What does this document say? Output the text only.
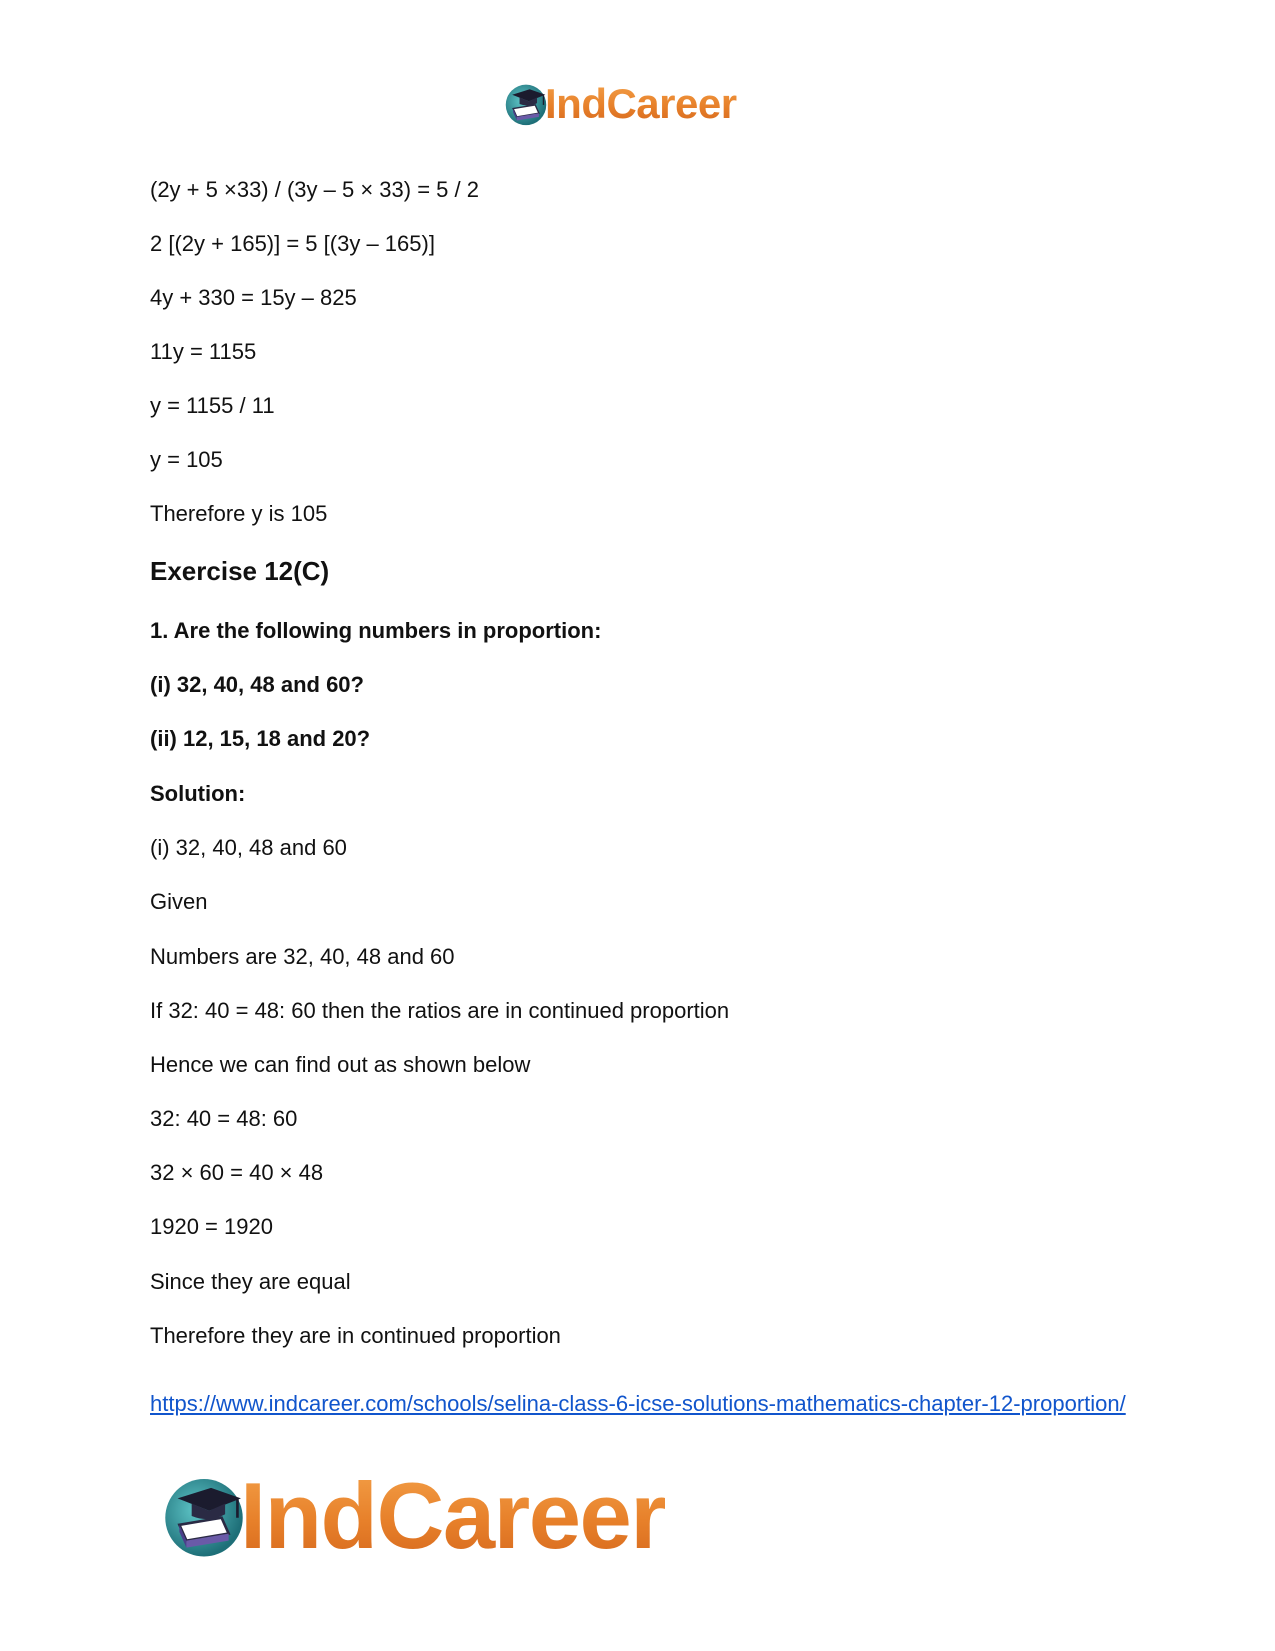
IndCareer
(2y + 5 ×33) / (3y – 5 × 33) = 5 / 2
2 [(2y + 165)] = 5 [(3y – 165)]
4y + 330 = 15y – 825
11y = 1155
y = 1155 / 11
y = 105
Therefore y is 105
Exercise 12(C)
1. Are the following numbers in proportion:
(i) 32, 40, 48 and 60?
(ii) 12, 15, 18 and 20?
Solution:
(i) 32, 40, 48 and 60
Given
Numbers are 32, 40, 48 and 60
If 32: 40 = 48: 60 then the ratios are in continued proportion
Hence we can find out as shown below
32: 40 = 48: 60
32 × 60 = 40 × 48
1920 = 1920
Since they are equal
Therefore they are in continued proportion
https://www.indcareer.com/schools/selina-class-6-icse-solutions-mathematics-chapter-12-proportion/
IndCareer
